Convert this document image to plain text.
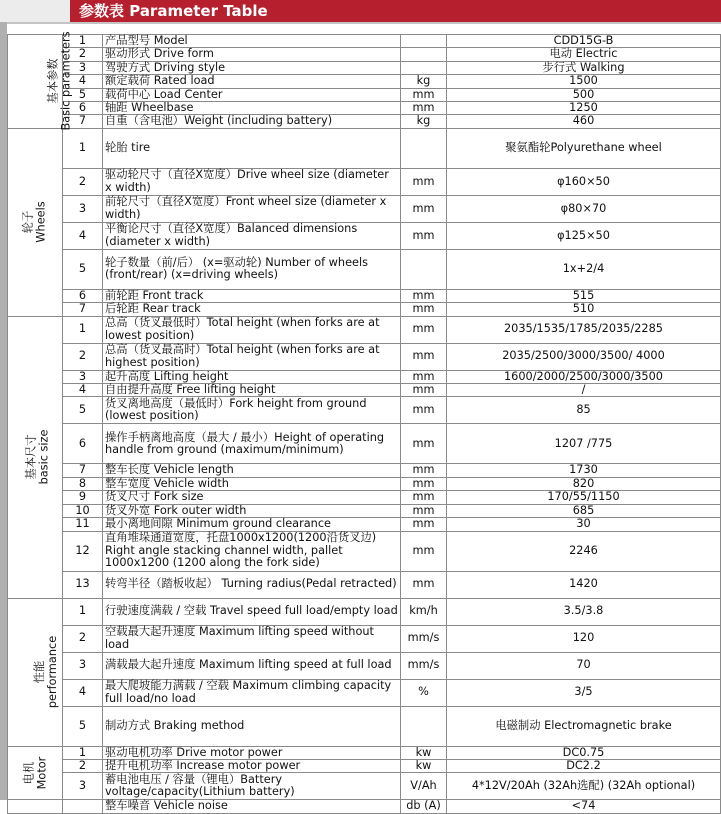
参数表 Parameter Table
基本参数 Basic parameters	1	产品型号 Model		CDD15G-B
	2	驱动形式 Drive form		电动 Electric
	3	驾驶方式 Driving style		步行式 Walking
	4	额定载荷 Rated load	kg	1500
	5	载荷中心 Load Center	mm	500
	6	轴距 Wheelbase	mm	1250
	7	自重（含电池）Weight (including battery)	kg	460

轮子 Wheels	1	轮胎 tire		聚氨酯轮Polyurethane wheel
	2	驱动轮尺寸（直径X宽度）Drive wheel size (diameter x width)	mm	φ160×50
	3	前轮尺寸（直径X宽度）Front wheel size (diameter x width)	mm	φ80×70
	4	平衡论尺寸（直径X宽度）Balanced dimensions (diameter x width)	mm	φ125×50
	5	轮子数量（前/后） (x=驱动轮) Number of wheels (front/rear) (x=driving wheels)		1x+2/4
	6	前轮距 Front track	mm	515
	7	后轮距 Rear track	mm	510

基本尺寸 basic size	1	总高（货叉最低时）Total height (when forks are at lowest position)	mm	2035/1535/1785/2035/2285
	2	总高（货叉最高时）Total height (when forks are at highest position)	mm	2035/2500/3000/3500/ 4000
	3	起升高度 Lifting height	mm	1600/2000/2500/3000/3500
	4	自由提升高度 Free lifting height	mm	/
	5	货叉离地高度（最低时）Fork height from ground (lowest position)	mm	85
	6	操作手柄离地高度（最大 / 最小）Height of operating handle from ground (maximum/minimum)	mm	1207 /775
	7	整车长度 Vehicle length	mm	1730
	8	整车宽度 Vehicle width	mm	820
	9	货叉尺寸 Fork size	mm	170/55/1150
	10	货叉外宽 Fork outer width	mm	685
	11	最小离地间隙 Minimum ground clearance	mm	30
	12	直角堆垛通道宽度，托盘1000x1200(1200沿货叉边) Right angle stacking channel width, pallet 1000x1200 (1200 along the fork side)	mm	2246
	13	转弯半径（踏板收起） Turning radius(Pedal retracted)	mm	1420

性能 performance	1	行驶速度满载 / 空载 Travel speed full load/empty load	km/h	3.5/3.8
	2	空载最大起升速度 Maximum lifting speed without load	mm/s	120
	3	满载最大起升速度 Maximum lifting speed at full load	mm/s	70
	4	最大爬坡能力满载 / 空载 Maximum climbing capacity full load/no load	%	3/5
	5	制动方式 Braking method		电磁制动 Electromagnetic brake

电机 Motor	1	驱动电机功率 Drive motor power	kw	DC0.75
	2	提升电机功率 Increase motor power	kw	DC2.2
	3	蓄电池电压 / 容量（锂电）Battery voltage/capacity(Lithium battery)	V/Ah	4*12V/20Ah (32Ah选配) (32Ah optional)

		整车噪音 Vehicle noise	db (A)	<74
